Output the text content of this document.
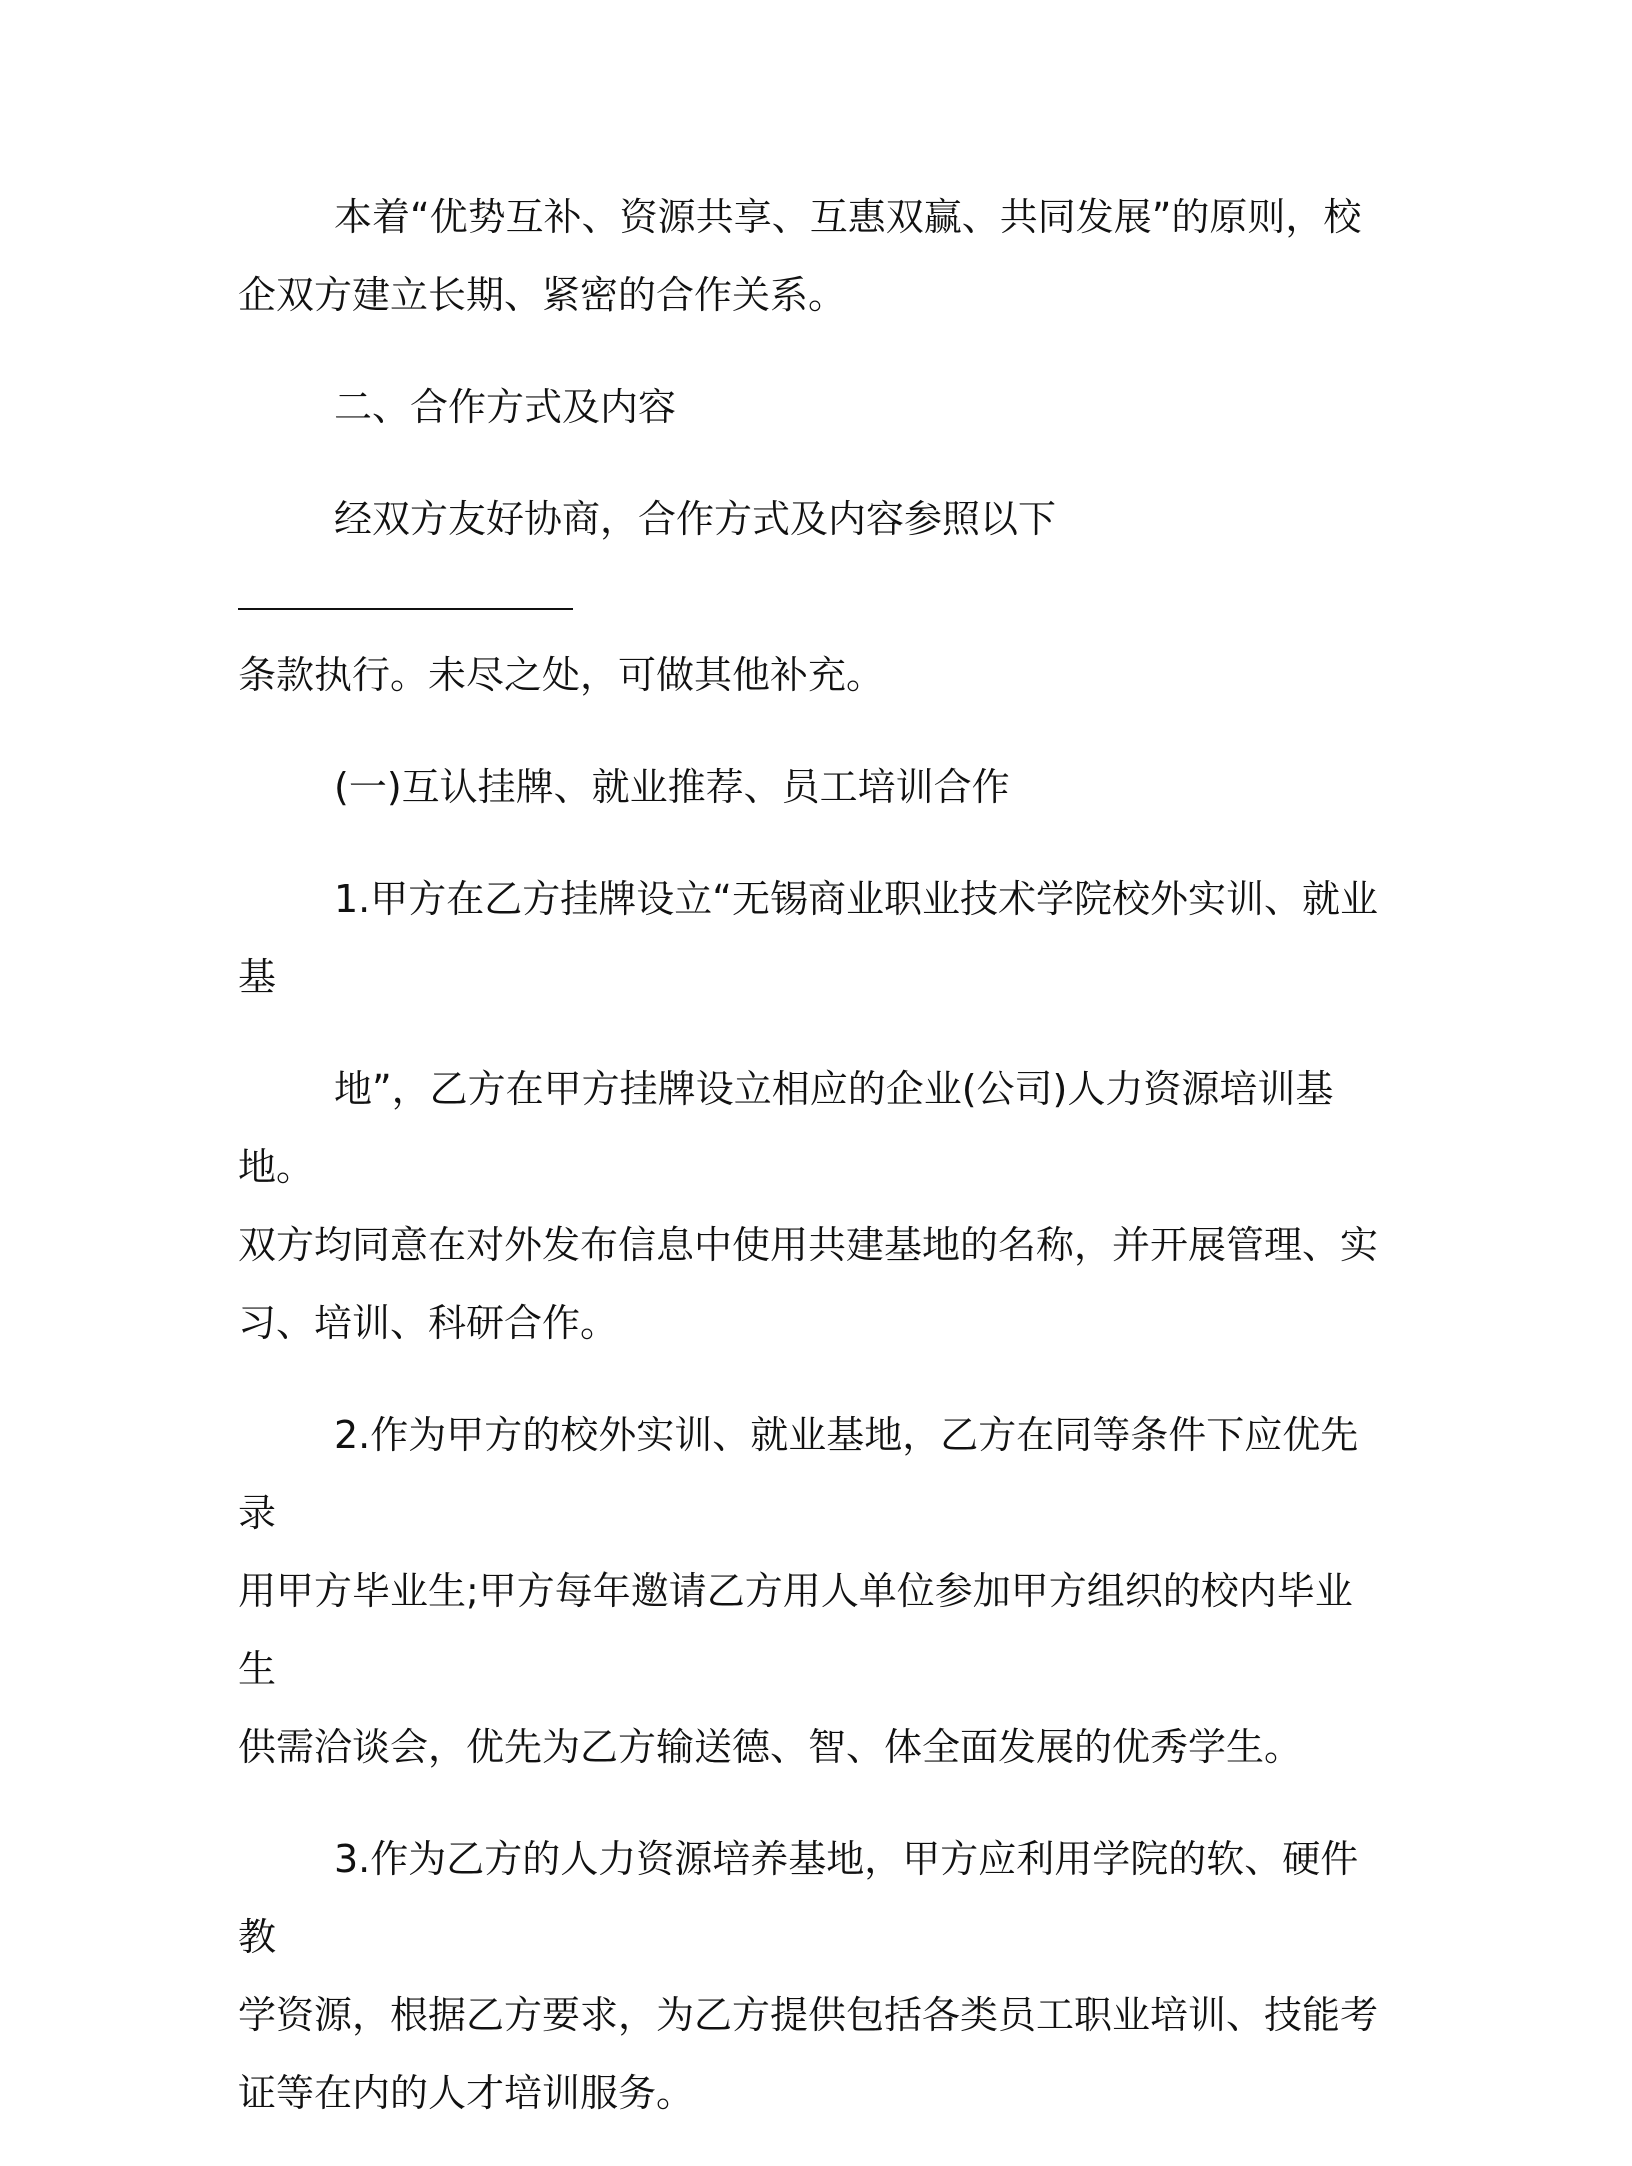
本着“优势互补、资源共享、互惠双赢、共同发展”的原则，校
企双方建立长期、紧密的合作关系。

二、合作方式及内容

经双方友好协商，合作方式及内容参照以下
条款执行。未尽之处，可做其他补充。

(一)互认挂牌、就业推荐、员工培训合作

1.甲方在乙方挂牌设立“无锡商业职业技术学院校外实训、就业
基

地”，乙方在甲方挂牌设立相应的企业(公司)人力资源培训基地。
双方均同意在对外发布信息中使用共建基地的名称，并开展管理、实
习、培训、科研合作。

2.作为甲方的校外实训、就业基地，乙方在同等条件下应优先录
用甲方毕业生;甲方每年邀请乙方用人单位参加甲方组织的校内毕业生
供需洽谈会，优先为乙方输送德、智、体全面发展的优秀学生。

3.作为乙方的人力资源培养基地，甲方应利用学院的软、硬件教
学资源，根据乙方要求，为乙方提供包括各类员工职业培训、技能考
证等在内的人才培训服务。
